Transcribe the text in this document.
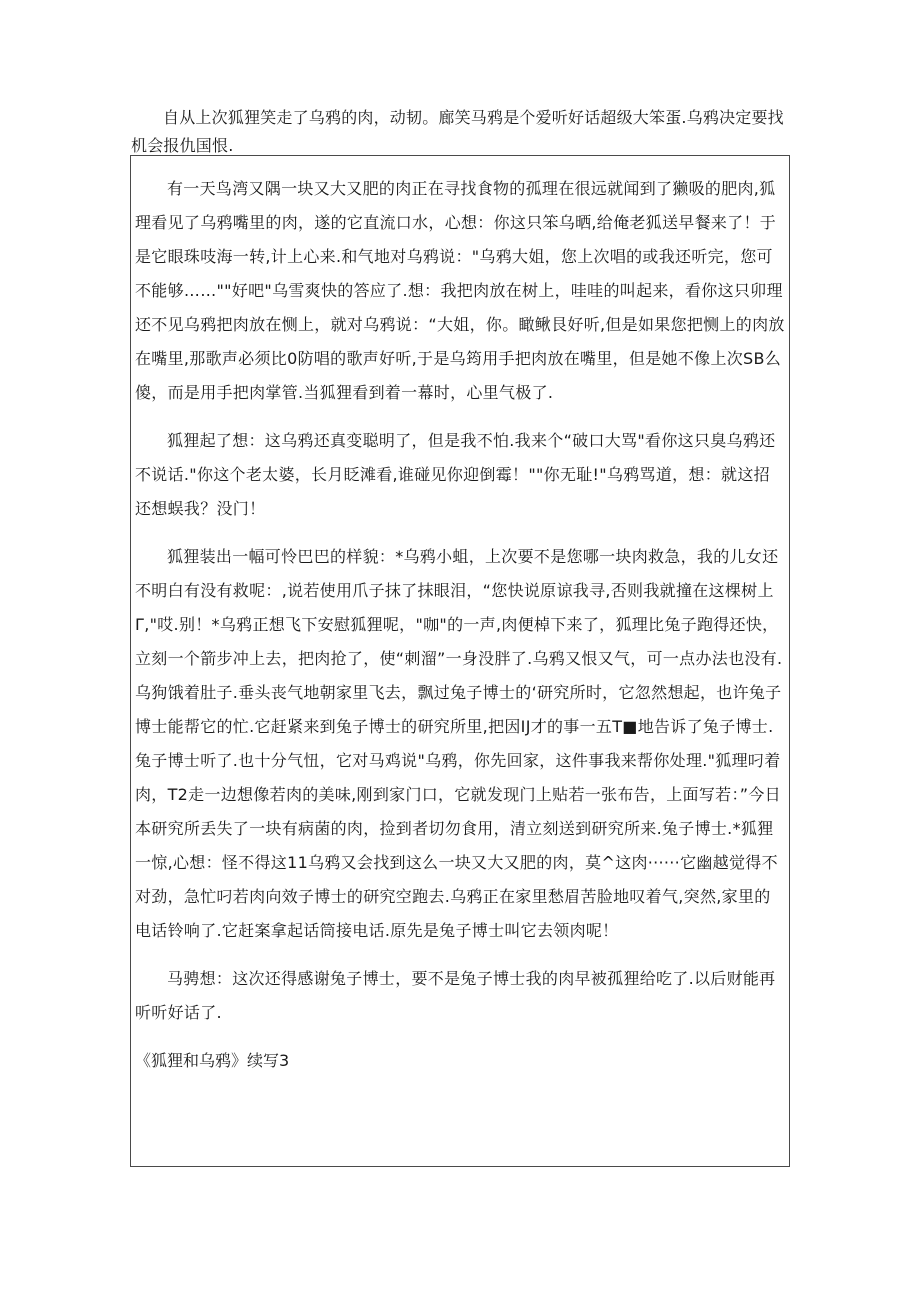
自从上次狐狸笑走了乌鸦的肉，动韧。廊笑马鸦是个爱听好话超级大笨蛋.乌鸦决定要找机会报仇国恨.

有一天鸟湾又隅一块又大又肥的肉正在寻找食物的孤理在很远就闻到了獭吸的肥肉,狐理看见了乌鸦嘴里的肉，遂的它直流口水，心想：你这只笨乌晒,给俺老狐送早餐来了！于是它眼珠吱海一转,计上心来.和气地对乌鸦说："乌鸦大姐，您上次唱的或我还听完，您可不能够……""好吧"乌雪爽快的答应了.想：我把肉放在树上，哇哇的叫起来，看你这只卯理还不见乌鸦把肉放在恻上，就对乌鸦说：“大姐，你。瞰鳅艮好听,但是如果您把恻上的肉放在嘴里,那歌声必须比0防唱的歌声好听,于是乌筠用手把肉放在嘴里，但是她不像上次SB么傻，而是用手把肉掌管.当狐狸看到着一幕时，心里气极了.

狐狸起了想：这乌鸦还真变聪明了，但是我不怕.我来个“破口大骂"看你这只臭乌鸦还不说话."你这个老太婆，长月眨滩看,谁碰见你迎倒霉！""你无耻!"乌鸦骂道，想：就这招还想蜈我？没门！

狐狸装出一幅可怜巴巴的样貌：*乌鸦小蛆，上次要不是您哪一块肉救急，我的儿女还不明白有没有救呢：,说若使用爪子抹了抹眼泪，“您快说原谅我寻,否则我就撞在这棵树上Γ,"哎.别！*乌鸦正想飞下安慰狐狸呢，"咖"的一声,肉便棹下来了，狐理比兔子跑得还快，立刻一个箭步冲上去，把肉抢了，使“刺溜”一身没胖了.乌鸦又恨又气，可一点办法也没有.乌狗饿着肚子.垂头丧气地朝家里飞去，飘过兔子博士的‘研究所时，它忽然想起，也许兔子博士能帮它的忙.它赶紧来到兔子博士的研究所里,把因IJ才的事一五T■地告诉了兔子博士.兔子博士听了.也十分气忸，它对马鸡说"乌鸦，你先回家，这件事我来帮你处理."狐理叼着肉，T2走一边想像若肉的美味,刚到家门口，它就发现门上贴若一张布告，上面写若：”今日本研究所丢失了一块有病菌的肉，捡到者切勿食用，清立刻送到研究所来.兔子博士.*狐狸一惊,心想：怪不得这11乌鸦又会找到这么一块又大又肥的肉，莫^这肉······它幽越觉得不对劲，急忙叼若肉向效子博士的研究空跑去.乌鸦正在家里愁眉苦脸地叹着气,突然,家里的电话铃响了.它赶案拿起话筒接电话.原先是兔子博士叫它去领肉呢！

马骋想：这次还得感谢兔子博士，要不是兔子博士我的肉早被孤狸给吃了.以后财能再听听好话了.

《狐狸和乌鸦》续写3
